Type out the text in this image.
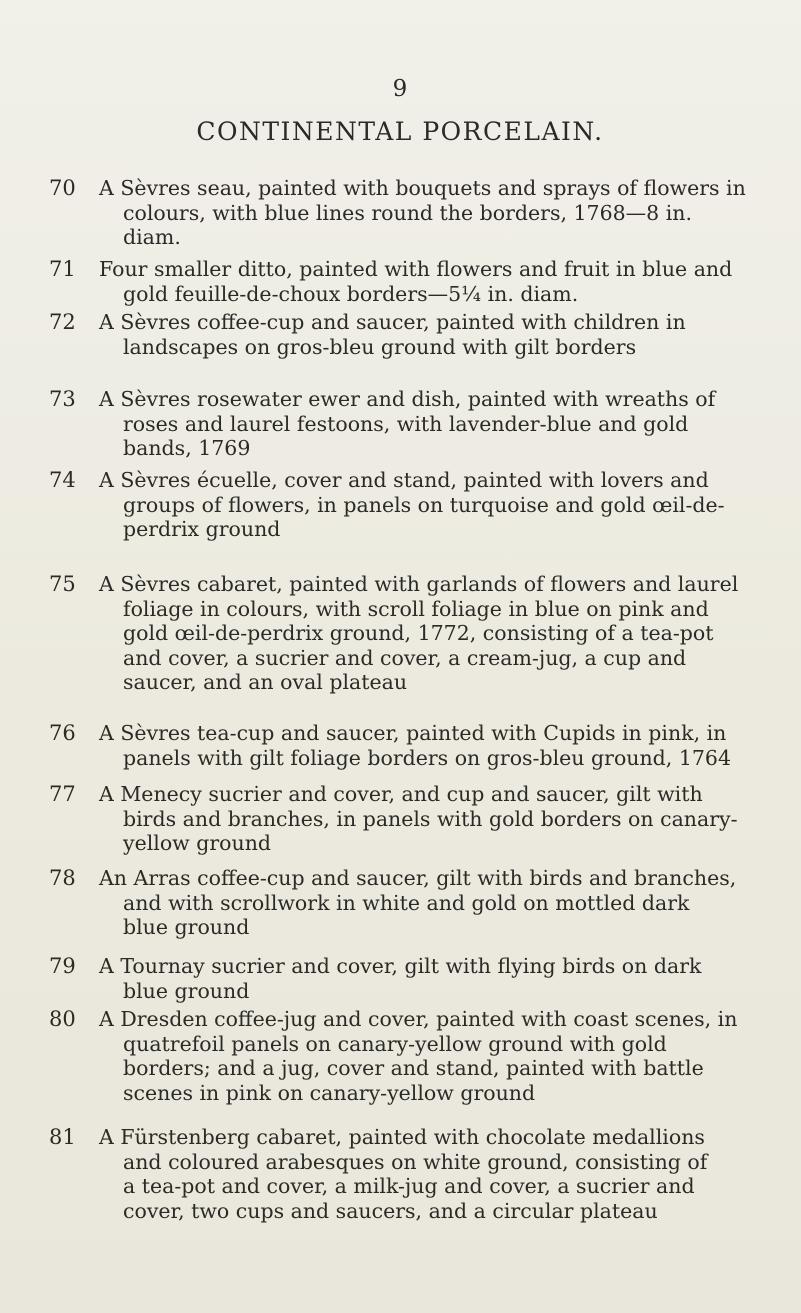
9
CONTINENTAL PORCELAIN.
70	A Sèvres seau, painted with bouquets and sprays of flowers in
colours, with blue lines round the borders, 1768—8 in.
diam.
71	Four smaller ditto, painted with flowers and fruit in blue and
gold feuille-de-choux borders—5¼ in. diam.
72	A Sèvres coffee-cup and saucer, painted with children in
landscapes on gros-bleu ground with gilt borders
73	A Sèvres rosewater ewer and dish, painted with wreaths of
roses and laurel festoons, with lavender-blue and gold
bands, 1769
74	A Sèvres écuelle, cover and stand, painted with lovers and
groups of flowers, in panels on turquoise and gold œil-de-
perdrix ground
75	A Sèvres cabaret, painted with garlands of flowers and laurel
foliage in colours, with scroll foliage in blue on pink and
gold œil-de-perdrix ground, 1772, consisting of a tea-pot
and cover, a sucrier and cover, a cream-jug, a cup and
saucer, and an oval plateau
76	A Sèvres tea-cup and saucer, painted with Cupids in pink, in
panels with gilt foliage borders on gros-bleu ground, 1764
77	A Menecy sucrier and cover, and cup and saucer, gilt with
birds and branches, in panels with gold borders on canary-
yellow ground
78	An Arras coffee-cup and saucer, gilt with birds and branches,
and with scrollwork in white and gold on mottled dark
blue ground
79	A Tournay sucrier and cover, gilt with flying birds on dark
blue ground
80	A Dresden coffee-jug and cover, painted with coast scenes, in
quatrefoil panels on canary-yellow ground with gold
borders; and a jug, cover and stand, painted with battle
scenes in pink on canary-yellow ground
81	A Fürstenberg cabaret, painted with chocolate medallions
and coloured arabesques on white ground, consisting of
a tea-pot and cover, a milk-jug and cover, a sucrier and
cover, two cups and saucers, and a circular plateau
